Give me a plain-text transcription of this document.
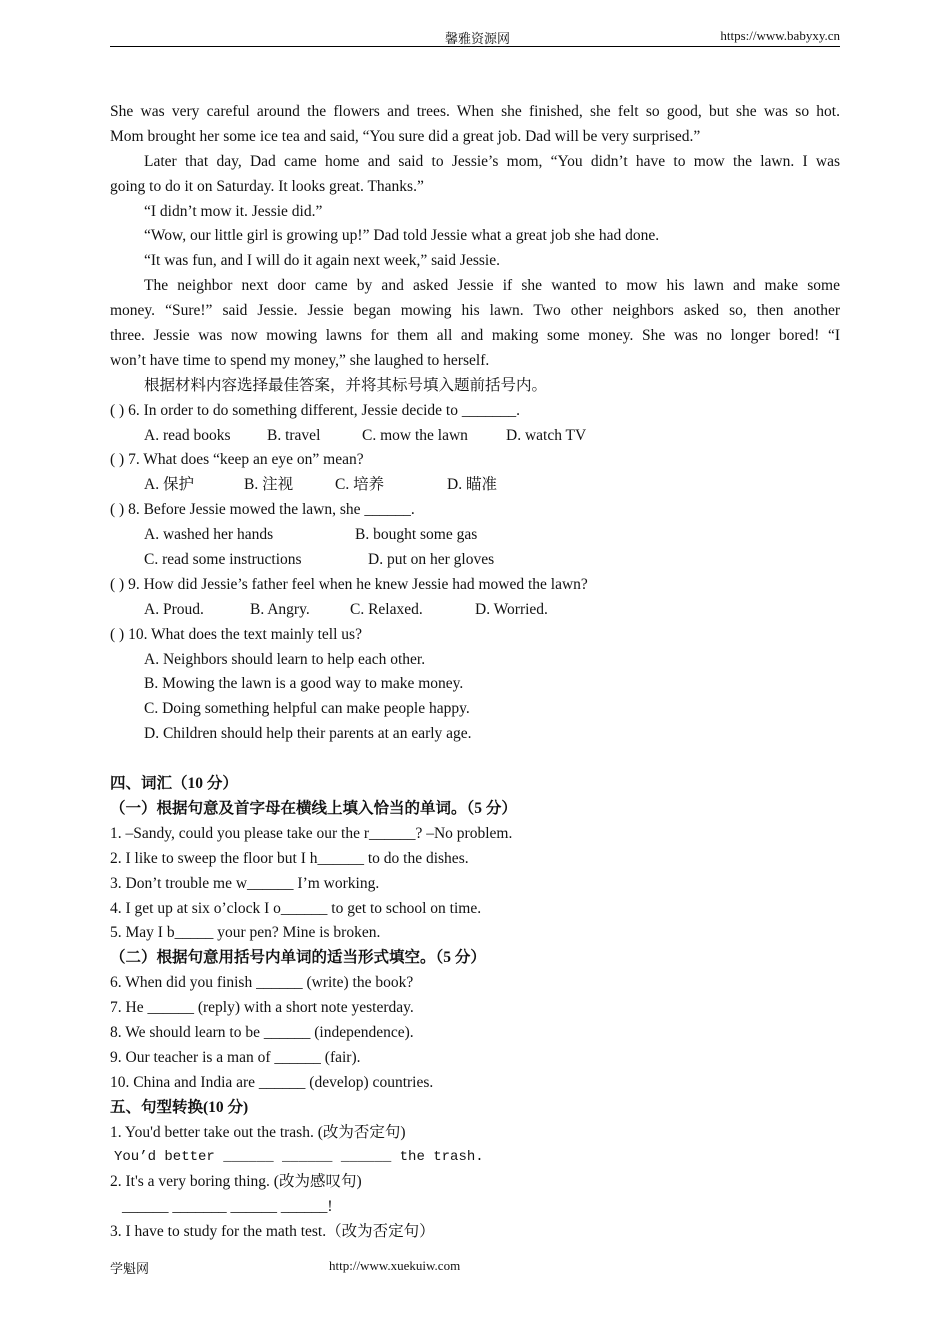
馨雅资源网	https://www.babyxy.cn
She was very careful around the flowers and trees. When she finished, she felt so good, but she was so hot.
Mom brought her some ice tea and said, “You sure did a great job. Dad will be very surprised.”
Later that day, Dad came home and said to Jessie’s mom, “You didn’t have to mow the lawn. I was
going to do it on Saturday. It looks great. Thanks.”
“I didn’t mow it. Jessie did.”
“Wow, our little girl is growing up!” Dad told Jessie what a great job she had done.
“It was fun, and I will do it again next week,” said Jessie.
The neighbor next door came by and asked Jessie if she wanted to mow his lawn and make some
money. “Sure!” said Jessie. Jessie began mowing his lawn. Two other neighbors asked so, then another
three. Jessie was now mowing lawns for them all and making some money. She was no longer bored! “I
won’t have time to spend my money,” she laughed to herself.
根据材料内容选择最佳答案，并将其标号填入题前括号内。
( ) 6. In order to do something different, Jessie decide to _______.
A. read books B. travel	C. mow the lawn D. watch TV
( ) 7. What does “keep an eye on” mean?
A. 保护	B. 注视	C. 培养	D. 瞄准
( ) 8. Before Jessie mowed the lawn, she ______.
A. washed her hands	B. bought some gas
C. read some instructions	D. put on her gloves
( ) 9. How did Jessie’s father feel when he knew Jessie had mowed the lawn?
A. Proud.	B. Angry.	C. Relaxed.	D. Worried.
( ) 10. What does the text mainly tell us?
A. Neighbors should learn to help each other.
B. Mowing the lawn is a good way to make money.
C. Doing something helpful can make people happy.
D. Children should help their parents at an early age.
四、词汇（10 分）
（一）根据句意及首字母在横线上填入恰当的单词。（5 分）
1. –Sandy, could you please take our the r______? –No problem.
2. I like to sweep the floor but I h______ to do the dishes.
3. Don’t trouble me w______ I’m working.
4. I get up at six o’clock I o______ to get to school on time.
5. May I b_____ your pen? Mine is broken.
（二）根据句意用括号内单词的适当形式填空。（5 分）
6. When did you finish ______ (write) the book?
7. He ______ (reply) with a short note yesterday.
8. We should learn to be ______ (independence).
9. Our teacher is a man of ______ (fair).
10. China and India are ______ (develop) countries.
五、句型转换(10 分)
1. You'd better take out the trash. (改为否定句)
You’d better ______ ______ ______ the trash.
2. It's a very boring thing. (改为感叹句)
______ _______ ______ ______!
3. I have to study for the math test.（改为否定句）
学魁网	http://www.xuekuiw.com
